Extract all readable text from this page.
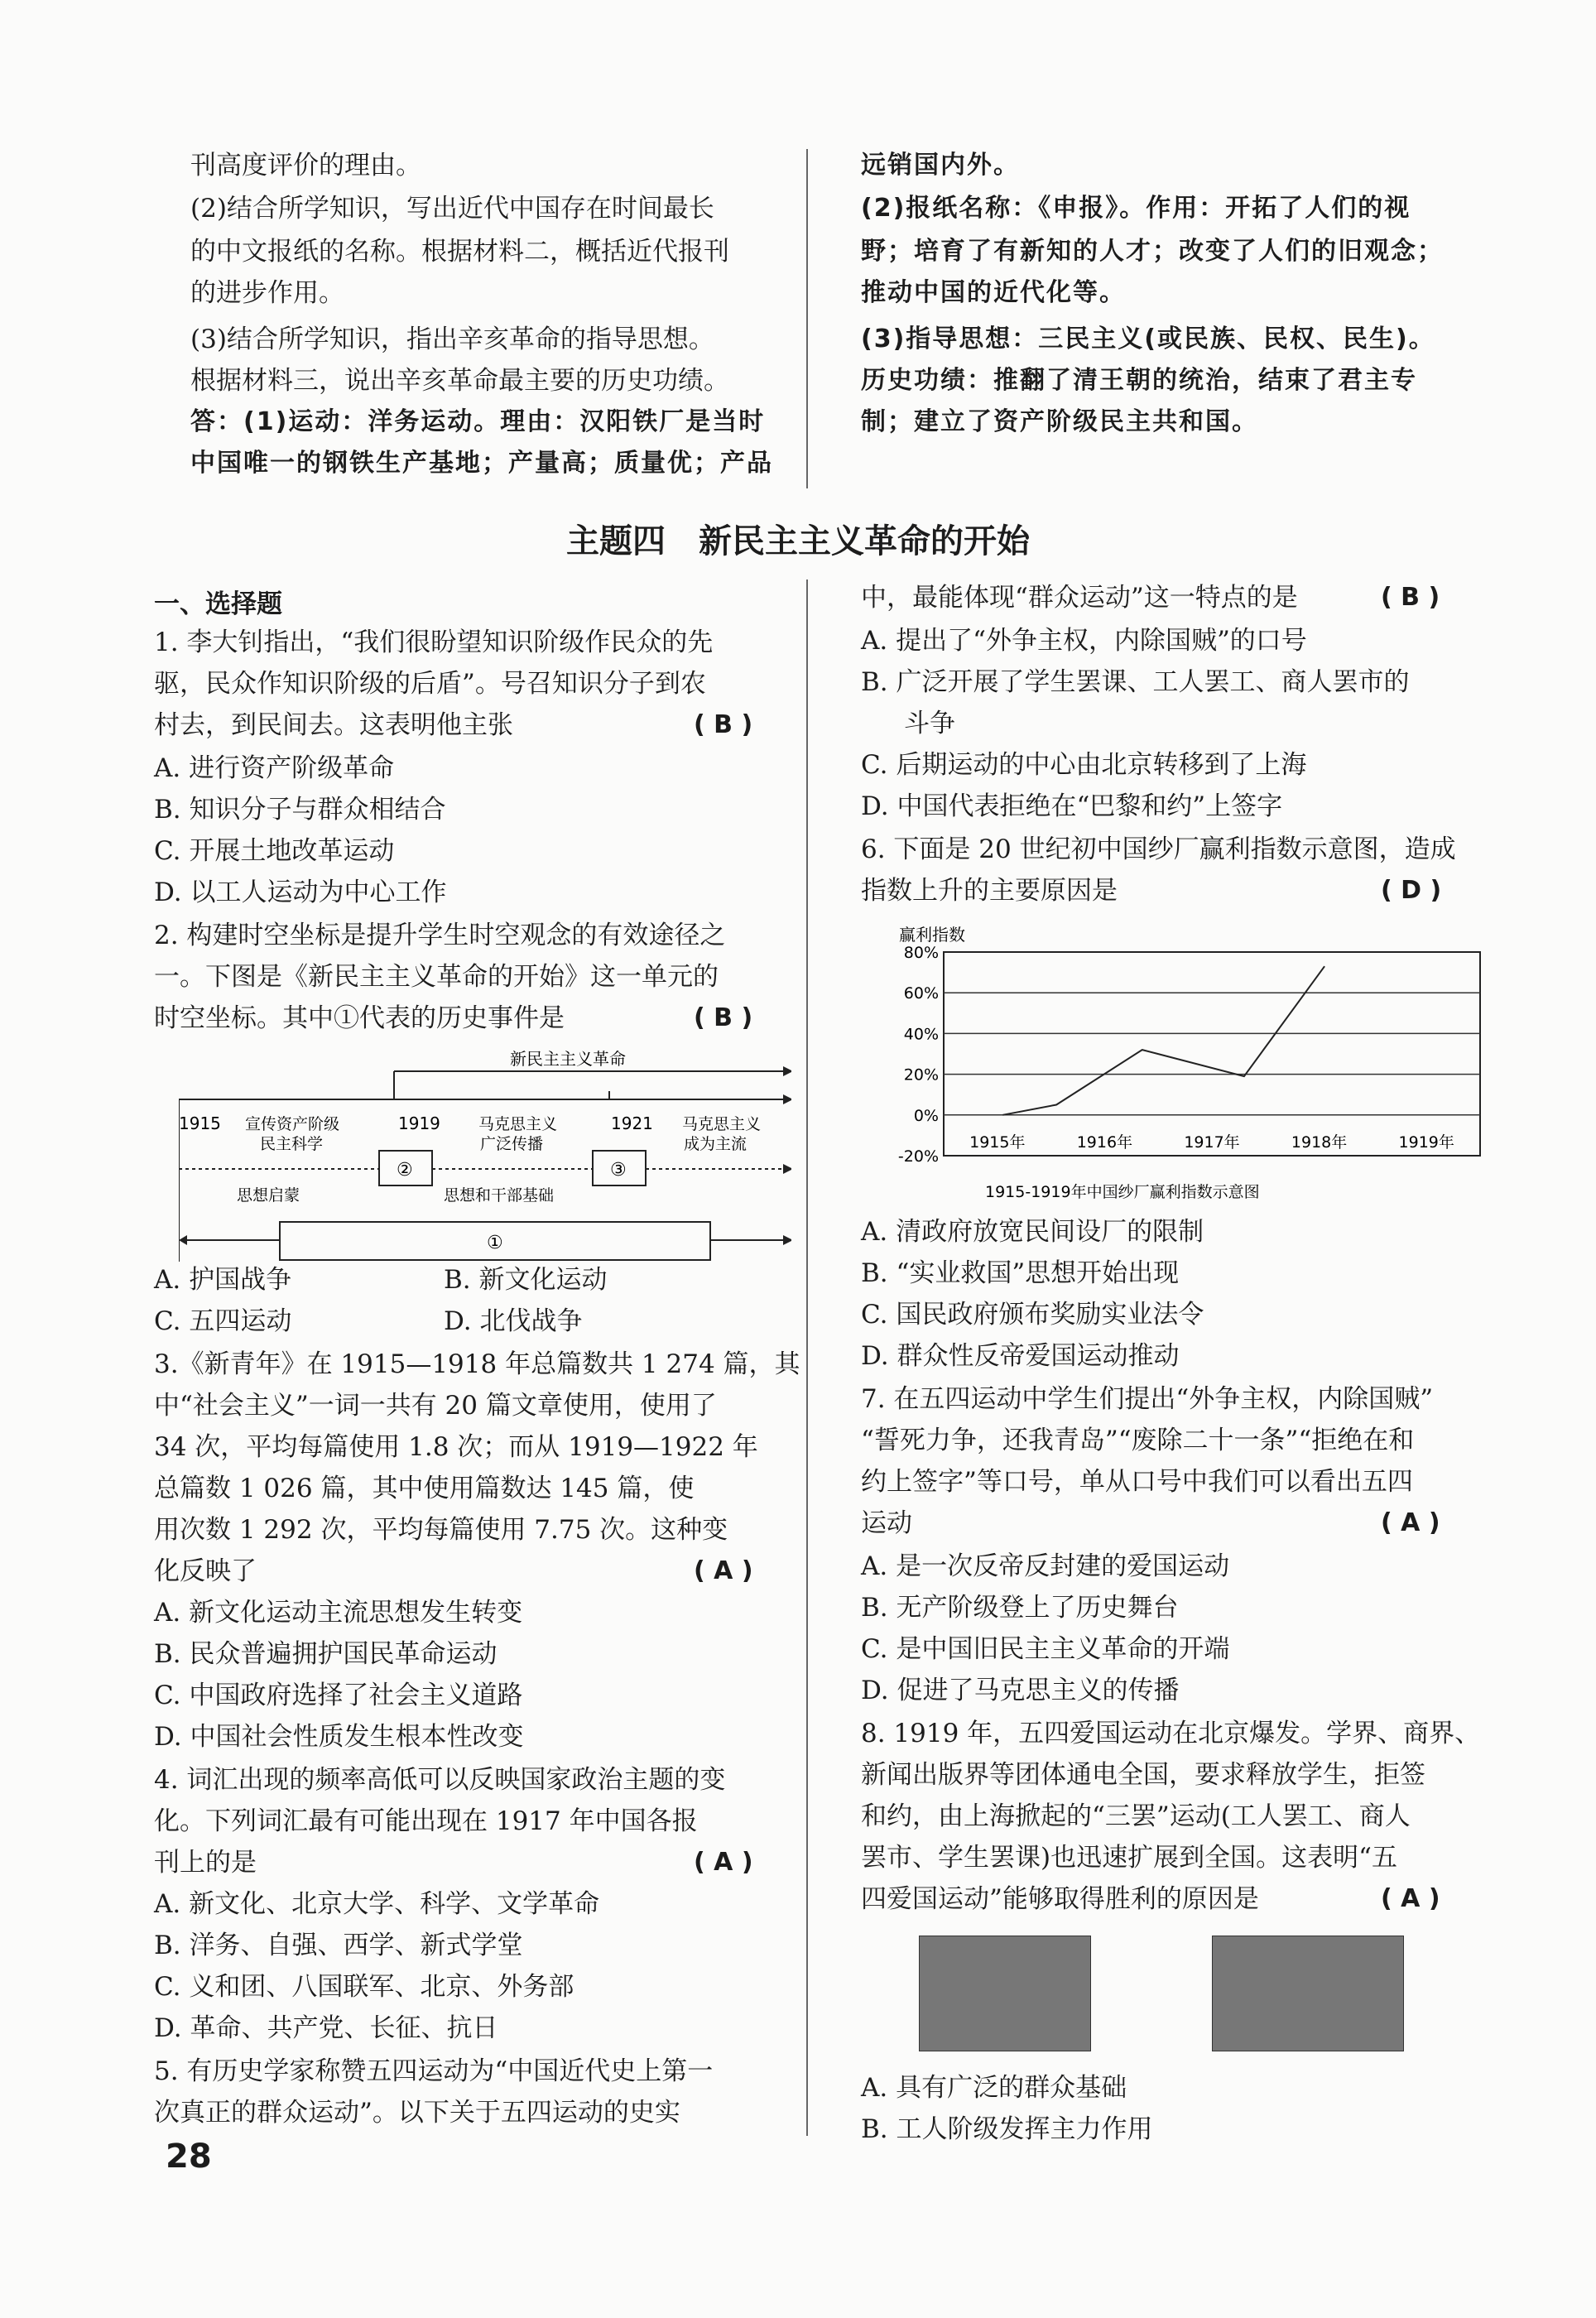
刊高度评价的理由。
(2)结合所学知识，写出近代中国存在时间最长
的中文报纸的名称。根据材料二，概括近代报刊
的进步作用。
(3)结合所学知识，指出辛亥革命的指导思想。
根据材料三，说出辛亥革命最主要的历史功绩。
答：(1)运动：洋务运动。理由：汉阳铁厂是当时
中国唯一的钢铁生产基地；产量高；质量优；产品
远销国内外。
(2)报纸名称：《申报》。作用：开拓了人们的视
野；培育了有新知的人才；改变了人们的旧观念；
推动中国的近代化等。
(3)指导思想：三民主义(或民族、民权、民生)。
历史功绩：推翻了清王朝的统治，结束了君主专
制；建立了资产阶级民主共和国。
主题四　新民主主义革命的开始
一、选择题
1. 李大钊指出，“我们很盼望知识阶级作民众的先
驱，民众作知识阶级的后盾”。号召知识分子到农
村去，到民间去。这表明他主张	( B )
A. 进行资产阶级革命
B. 知识分子与群众相结合
C. 开展土地改革运动
D. 以工人运动为中心工作
2. 构建时空坐标是提升学生时空观念的有效途径之
一。下图是《新民主主义革命的开始》这一单元的
时空坐标。其中①代表的历史事件是	( B )
新民主主义革命
1915	1919	1921
宣传资产阶级
民主科学
马克思主义
广泛传播
马克思主义
成为主流
②	③
思想启蒙	思想和干部基础
①
A. 护国战争	B. 新文化运动
C. 五四运动	D. 北伐战争
3.《新青年》在 1915—1918 年总篇数共 1 274 篇，其
中“社会主义”一词一共有 20 篇文章使用，使用了
34 次，平均每篇使用 1.8 次；而从 1919—1922 年
总篇数 1 026 篇，其中使用篇数达 145 篇，使
用次数 1 292 次，平均每篇使用 7.75 次。这种变
化反映了	( A )
A. 新文化运动主流思想发生转变
B. 民众普遍拥护国民革命运动
C. 中国政府选择了社会主义道路
D. 中国社会性质发生根本性改变
4. 词汇出现的频率高低可以反映国家政治主题的变
化。下列词汇最有可能出现在 1917 年中国各报
刊上的是	( A )
A. 新文化、北京大学、科学、文学革命
B. 洋务、自强、西学、新式学堂
C. 义和团、八国联军、北京、外务部
D. 革命、共产党、长征、抗日
5. 有历史学家称赞五四运动为“中国近代史上第一
次真正的群众运动”。以下关于五四运动的史实
中，最能体现“群众运动”这一特点的是	( B )
A. 提出了“外争主权，内除国贼”的口号
B. 广泛开展了学生罢课、工人罢工、商人罢市的
斗争
C. 后期运动的中心由北京转移到了上海
D. 中国代表拒绝在“巴黎和约”上签字
6. 下面是 20 世纪初中国纱厂赢利指数示意图，造成
指数上升的主要原因是	( D )
赢利指数
80%
60%
40%
20%
0%
-20%
1915年	1916年	1917年	1918年	1919年
1915-1919年中国纱厂赢利指数示意图
A. 清政府放宽民间设厂的限制
B. “实业救国”思想开始出现
C. 国民政府颁布奖励实业法令
D. 群众性反帝爱国运动推动
7. 在五四运动中学生们提出“外争主权，内除国贼”
“誓死力争，还我青岛”“废除二十一条”“拒绝在和
约上签字”等口号，单从口号中我们可以看出五四
运动	( A )
A. 是一次反帝反封建的爱国运动
B. 无产阶级登上了历史舞台
C. 是中国旧民主主义革命的开端
D. 促进了马克思主义的传播
8. 1919 年，五四爱国运动在北京爆发。学界、商界、
新闻出版界等团体通电全国，要求释放学生，拒签
和约，由上海掀起的“三罢”运动(工人罢工、商人
罢市、学生罢课)也迅速扩展到全国。这表明“五
四爱国运动”能够取得胜利的原因是	( A )
A. 具有广泛的群众基础
B. 工人阶级发挥主力作用
28
